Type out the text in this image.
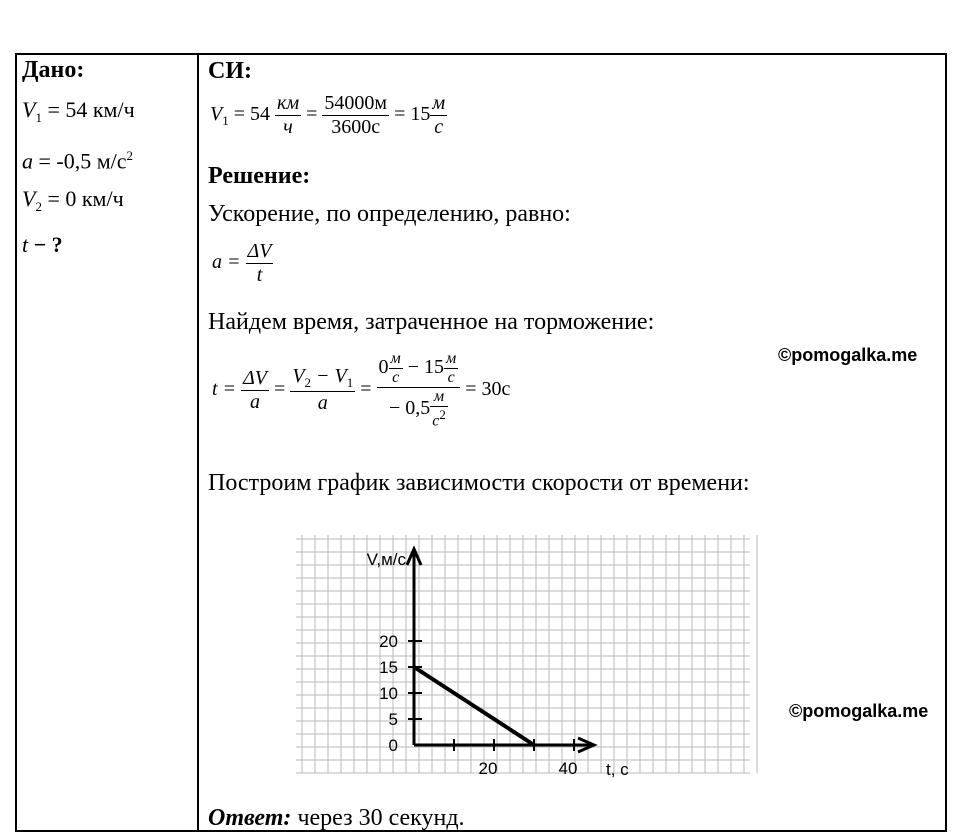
Дано:
$V_1 = 54$ км/ч
a = -0,5 $м/с^2$
$V_2 = 0$ км/ч
t − ?
СИ:
$V_1 = 54 \frac{км}{ч} = \frac{54000м}{3600с} = 15 \frac{м}{с}$
Решение:
Ускорение, по определению, равно:
$a = \frac{\Delta V}{t}$
Найдем время, затраченное на торможение:
$t = \frac{\Delta V}{a} = \frac{V_2 - V_1}{a} = \frac{0 \frac{м}{с} - 15 \frac{м}{с}}{- 0,5 \frac{м}{с^2}} = 30с$
©pomogalka.me
Построим график зависимости скорости от времени:
20
15
10
5
0
20	40
V,м/с
t, с
©pomogalka.me
Ответ: через 30 секунд.
